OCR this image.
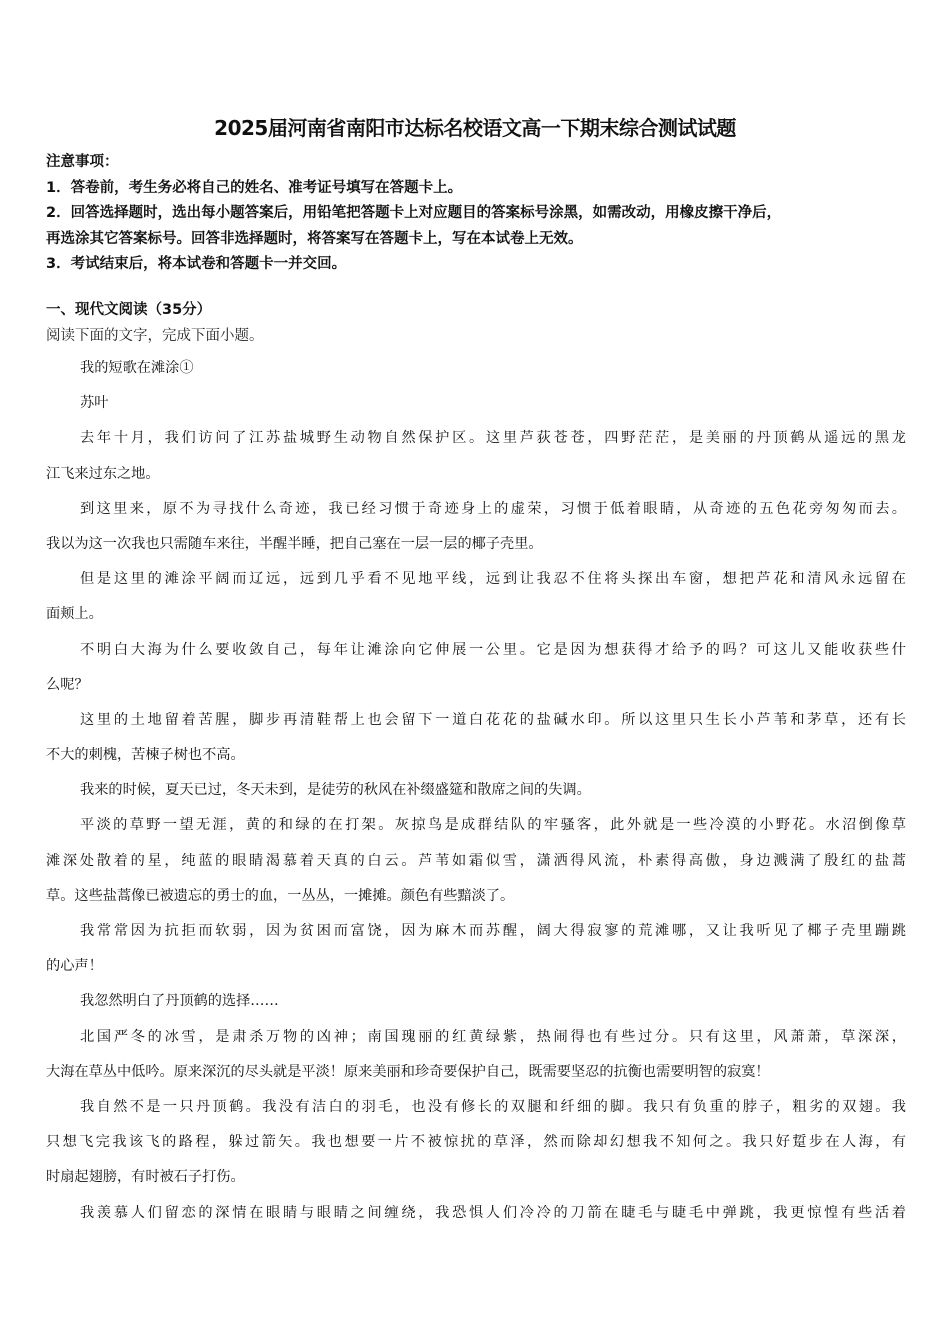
2025届河南省南阳市达标名校语文高一下期末综合测试试题
注意事项：
1．答卷前，考生务必将自己的姓名、准考证号填写在答题卡上。
2．回答选择题时，选出每小题答案后，用铅笔把答题卡上对应题目的答案标号涂黑，如需改动，用橡皮擦干净后，
再选涂其它答案标号。回答非选择题时，将答案写在答题卡上，写在本试卷上无效。
3．考试结束后，将本试卷和答题卡一并交回。
一、现代文阅读（35分）
阅读下面的文字，完成下面小题。
我的短歌在滩涂①
苏叶
去年十月，我们访问了江苏盐城野生动物自然保护区。这里芦荻苍苍，四野茫茫，是美丽的丹顶鹤从遥远的黑龙
江飞来过东之地。
到这里来，原不为寻找什么奇迹，我已经习惯于奇迹身上的虚荣，习惯于低着眼睛，从奇迹的五色花旁匆匆而去。
我以为这一次我也只需随车来往，半醒半睡，把自己塞在一层一层的椰子壳里。
但是这里的滩涂平阔而辽远，远到几乎看不见地平线，远到让我忍不住将头探出车窗，想把芦花和清风永远留在
面颊上。
不明白大海为什么要收敛自己，每年让滩涂向它伸展一公里。它是因为想获得才给予的吗？可这儿又能收获些什
么呢？
这里的土地留着苦腥，脚步再清鞋帮上也会留下一道白花花的盐碱水印。所以这里只生长小芦苇和茅草，还有长
不大的刺槐，苦楝子树也不高。
我来的时候，夏天已过，冬天未到，是徒劳的秋风在补缀盛筵和散席之间的失调。
平淡的草野一望无涯，黄的和绿的在打架。灰掠鸟是成群结队的牢骚客，此外就是一些冷漠的小野花。水沼倒像草
滩深处散着的星，纯蓝的眼睛渴慕着天真的白云。芦苇如霜似雪，潇洒得风流，朴素得高傲，身边溅满了殷红的盐蒿
草。这些盐蒿像已被遗忘的勇士的血，一丛丛，一摊摊。颜色有些黯淡了。
我常常因为抗拒而软弱，因为贫困而富饶，因为麻木而苏醒，阔大得寂寥的荒滩哪，又让我听见了椰子壳里蹦跳
的心声！
我忽然明白了丹顶鹤的选择……
北国严冬的冰雪，是肃杀万物的凶神；南国瑰丽的红黄绿紫，热闹得也有些过分。只有这里，风萧萧，草深深，
大海在草丛中低吟。原来深沉的尽头就是平淡！原来美丽和珍奇要保护自己，既需要坚忍的抗衡也需要明智的寂寞！
我自然不是一只丹顶鹤。我没有洁白的羽毛，也没有修长的双腿和纤细的脚。我只有负重的脖子，粗劣的双翅。我
只想飞完我该飞的路程，躲过箭矢。我也想要一片不被惊扰的草泽，然而除却幻想我不知何之。我只好踅步在人海，有
时扇起翅膀，有时被石子打伤。
我羡慕人们留恋的深情在眼睛与眼睛之间缠绕，我恐惧人们冷冷的刀箭在睫毛与睫毛中弹跳，我更惊惶有些活着
